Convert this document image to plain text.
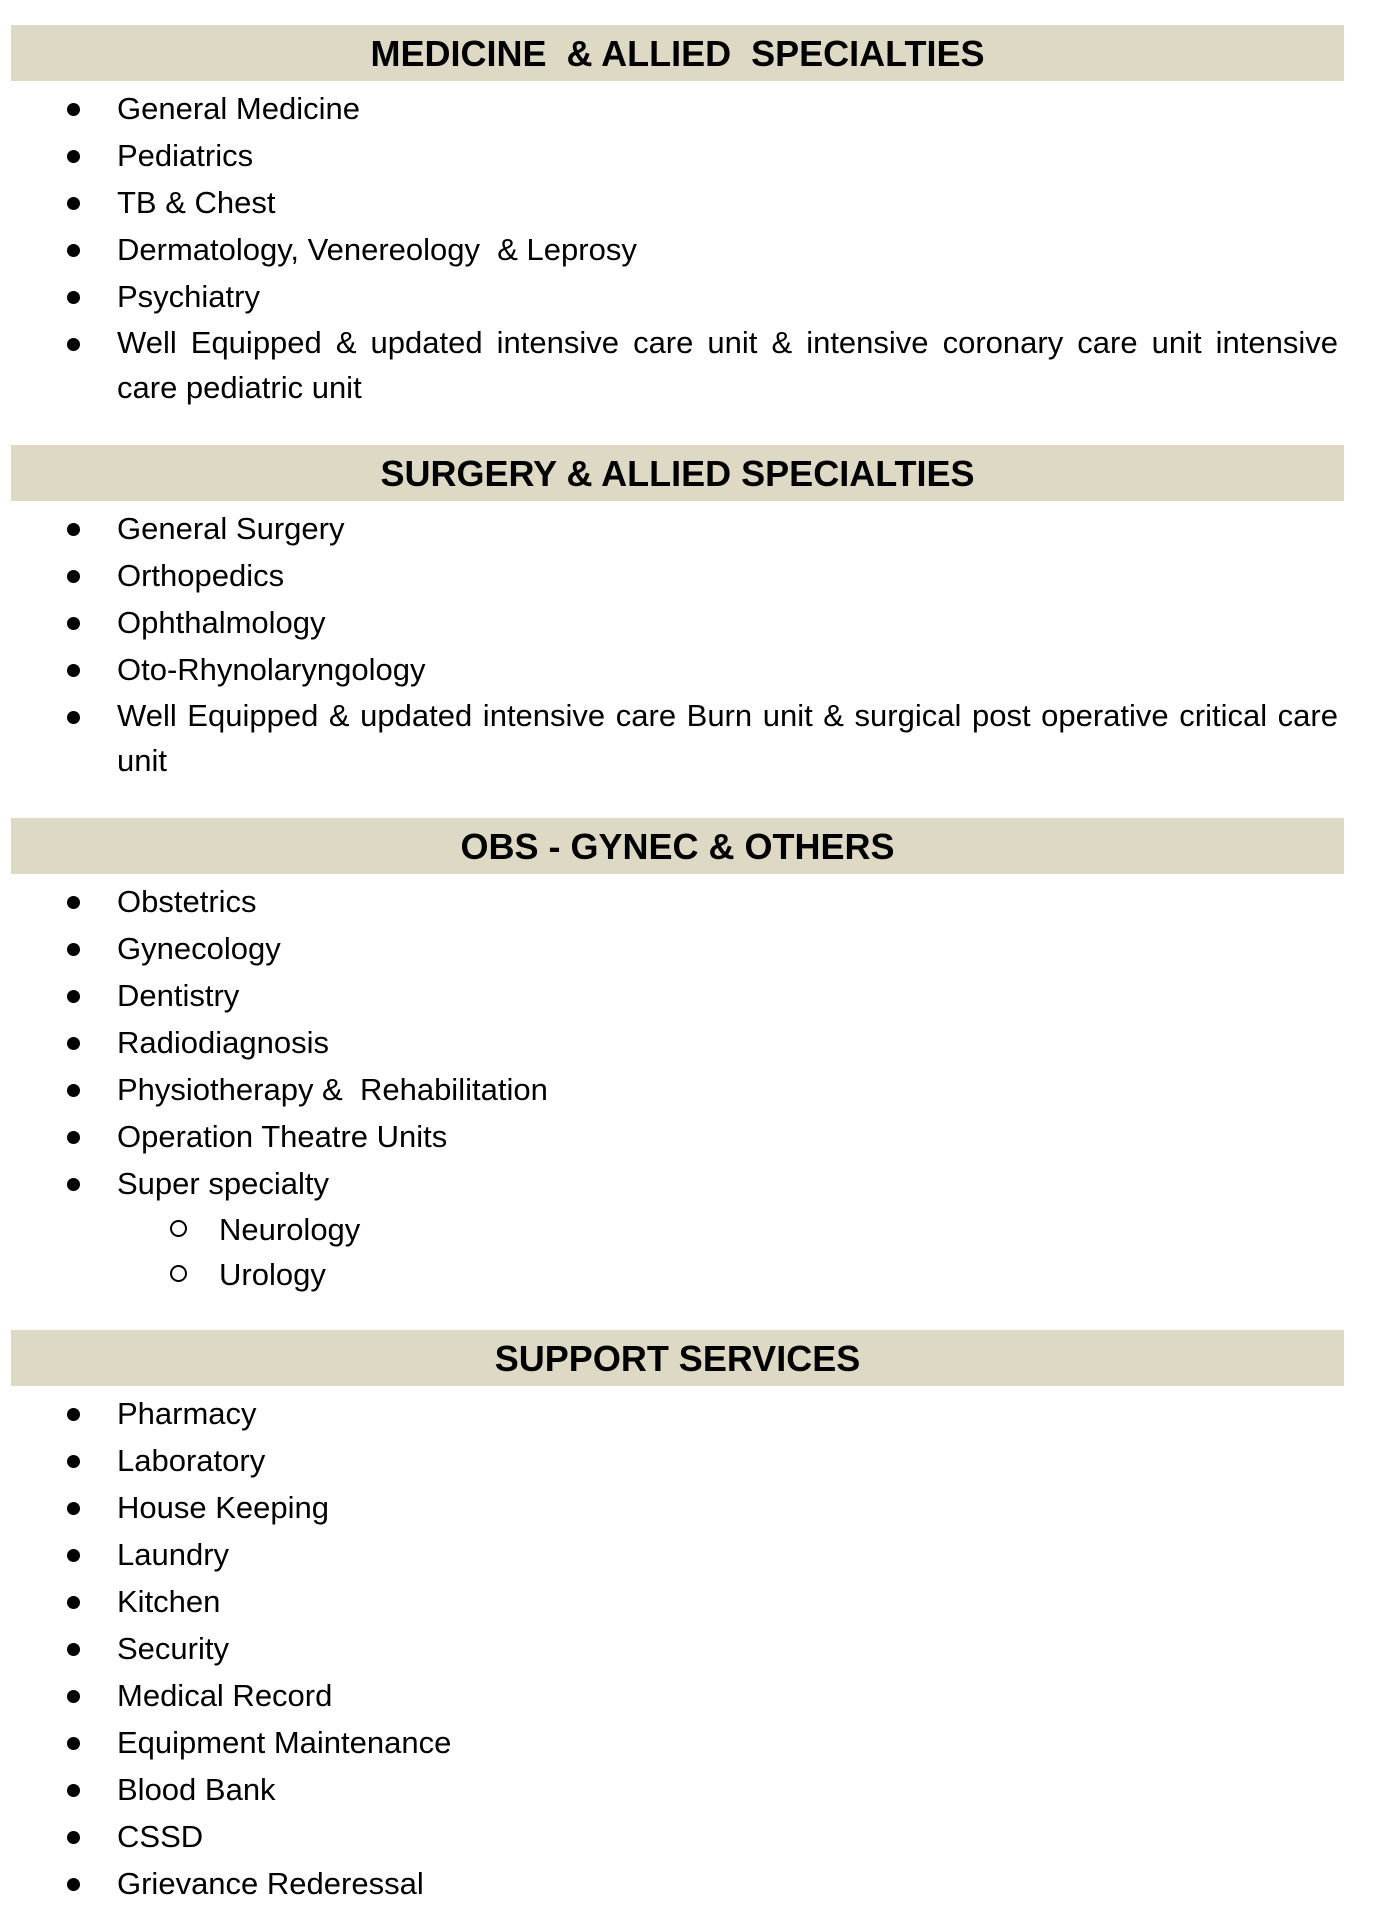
MEDICINE  & ALLIED  SPECIALTIES
General Medicine
Pediatrics
TB & Chest
Dermatology, Venereology  & Leprosy
Psychiatry
Well Equipped & updated intensive care unit & intensive coronary care unit intensive care pediatric unit
SURGERY & ALLIED SPECIALTIES
General Surgery
Orthopedics
Ophthalmology
Oto-Rhynolaryngology
Well Equipped & updated intensive care Burn unit & surgical post operative critical care unit
OBS - GYNEC & OTHERS
Obstetrics
Gynecology
Dentistry
Radiodiagnosis
Physiotherapy &  Rehabilitation
Operation Theatre Units
Super specialty
Neurology
Urology
SUPPORT SERVICES
Pharmacy
Laboratory
House Keeping
Laundry
Kitchen
Security
Medical Record
Equipment Maintenance
Blood Bank
CSSD
Grievance Rederessal
